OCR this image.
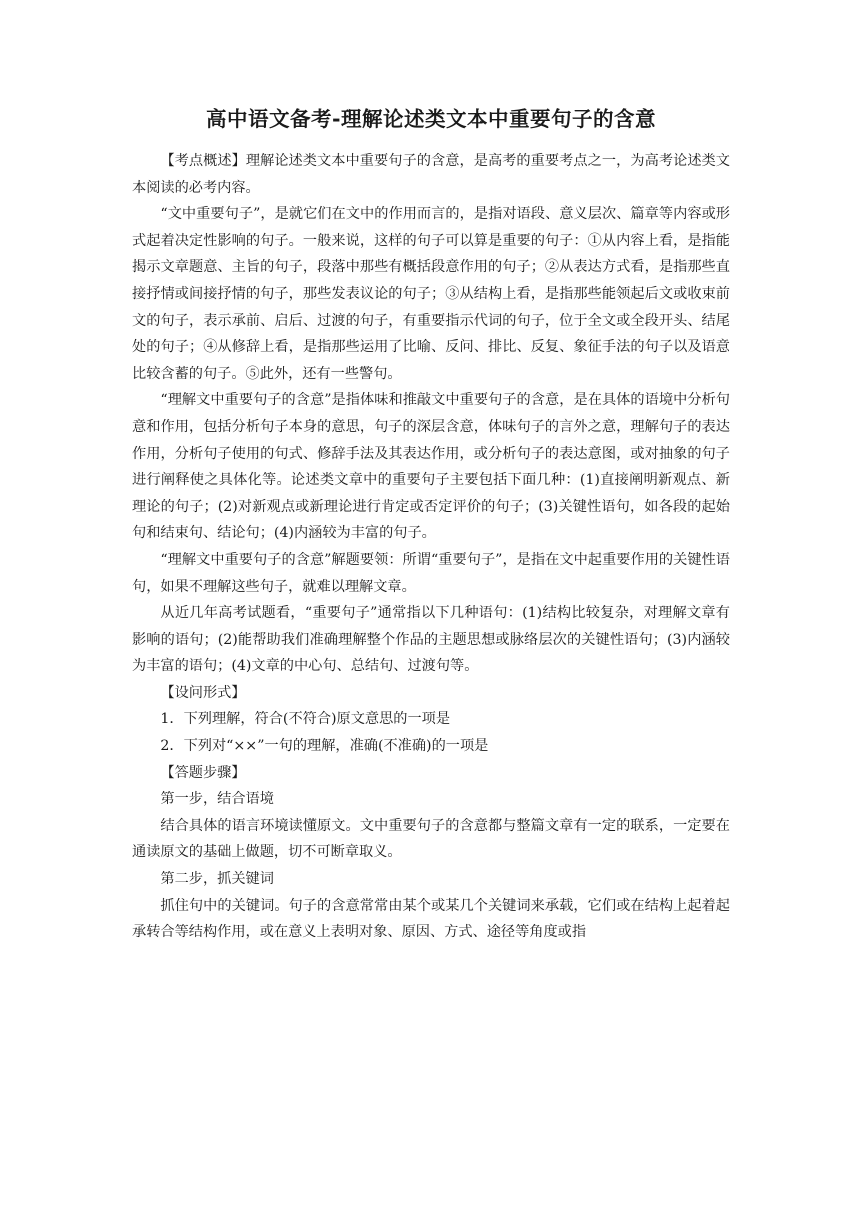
高中语文备考-理解论述类文本中重要句子的含意

【考点概述】理解论述类文本中重要句子的含意，是高考的重要考点之一，为高考论述类文本阅读的必考内容。

“文中重要句子”，是就它们在文中的作用而言的，是指对语段、意义层次、篇章等内容或形式起着决定性影响的句子。一般来说，这样的句子可以算是重要的句子：①从内容上看，是指能揭示文章题意、主旨的句子，段落中那些有概括段意作用的句子；②从表达方式看，是指那些直接抒情或间接抒情的句子，那些发表议论的句子；③从结构上看，是指那些能领起后文或收束前文的句子，表示承前、启后、过渡的句子，有重要指示代词的句子，位于全文或全段开头、结尾处的句子；④从修辞上看，是指那些运用了比喻、反问、排比、反复、象征手法的句子以及语意比较含蓄的句子。⑤此外，还有一些警句。

“理解文中重要句子的含意”是指体味和推敲文中重要句子的含意，是在具体的语境中分析句意和作用，包括分析句子本身的意思，句子的深层含意，体味句子的言外之意，理解句子的表达作用，分析句子使用的句式、修辞手法及其表达作用，或分析句子的表达意图，或对抽象的句子进行阐释使之具体化等。论述类文章中的重要句子主要包括下面几种：(1)直接阐明新观点、新理论的句子；(2)对新观点或新理论进行肯定或否定评价的句子；(3)关键性语句，如各段的起始句和结束句、结论句；(4)内涵较为丰富的句子。

“理解文中重要句子的含意”解题要领：所谓“重要句子”，是指在文中起重要作用的关键性语句，如果不理解这些句子，就难以理解文章。

从近几年高考试题看，“重要句子”通常指以下几种语句：(1)结构比较复杂，对理解文章有影响的语句；(2)能帮助我们准确理解整个作品的主题思想或脉络层次的关键性语句；(3)内涵较为丰富的语句；(4)文章的中心句、总结句、过渡句等。

【设问形式】

1．下列理解，符合(不符合)原文意思的一项是

2．下列对“××”一句的理解，准确(不准确)的一项是

【答题步骤】

第一步，结合语境

结合具体的语言环境读懂原文。文中重要句子的含意都与整篇文章有一定的联系，一定要在通读原文的基础上做题，切不可断章取义。

第二步，抓关键词

抓住句中的关键词。句子的含意常常由某个或某几个关键词来承载，它们或在结构上起着起承转合等结构作用，或在意义上表明对象、原因、方式、途径等角度或指
